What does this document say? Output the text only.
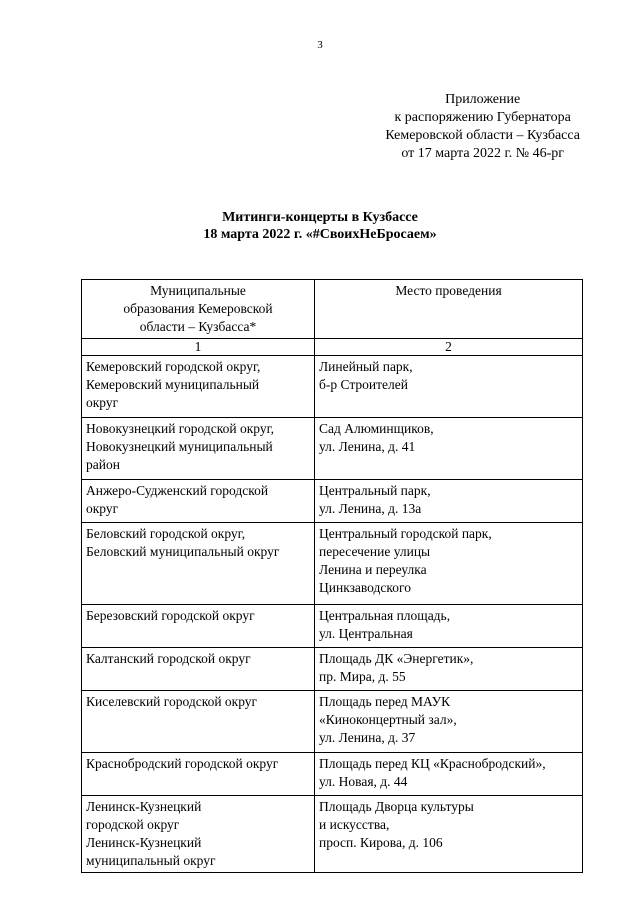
3
Приложение
к распоряжению Губернатора
Кемеровской области – Кузбасса
от 17 марта 2022 г. № 46-рг
Митинги-концерты в Кузбассе
18 марта 2022 г. «#СвоихНеБросаем»
Муниципальные
образования Кемеровской
области – Кузбасса*	Место проведения

1	2

Кемеровский городской округ,
Кемеровский муниципальный
округ	Линейный парк,
б-р Строителей

Новокузнецкий городской округ,
Новокузнецкий муниципальный
район	Сад Алюминщиков,
ул. Ленина, д. 41

Анжеро-Судженский городской
округ	Центральный парк,
ул. Ленина, д. 13а

Беловский городской округ,
Беловский муниципальный округ	Центральный городской парк,
пересечение улицы
Ленина и переулка
Цинкзаводского

Березовский городской округ	Центральная площадь,
ул. Центральная

Калтанский городской округ	Площадь ДК «Энергетик»,
пр. Мира, д. 55

Киселевский городской округ	Площадь перед МАУК
«Киноконцертный зал»,
ул. Ленина, д. 37

Краснобродский городской округ	Площадь перед КЦ «Краснобродский»,
ул. Новая, д. 44

Ленинск-Кузнецкий
городской округ
Ленинск-Кузнецкий
муниципальный округ	Площадь Дворца культуры
и искусства,
просп. Кирова, д. 106
